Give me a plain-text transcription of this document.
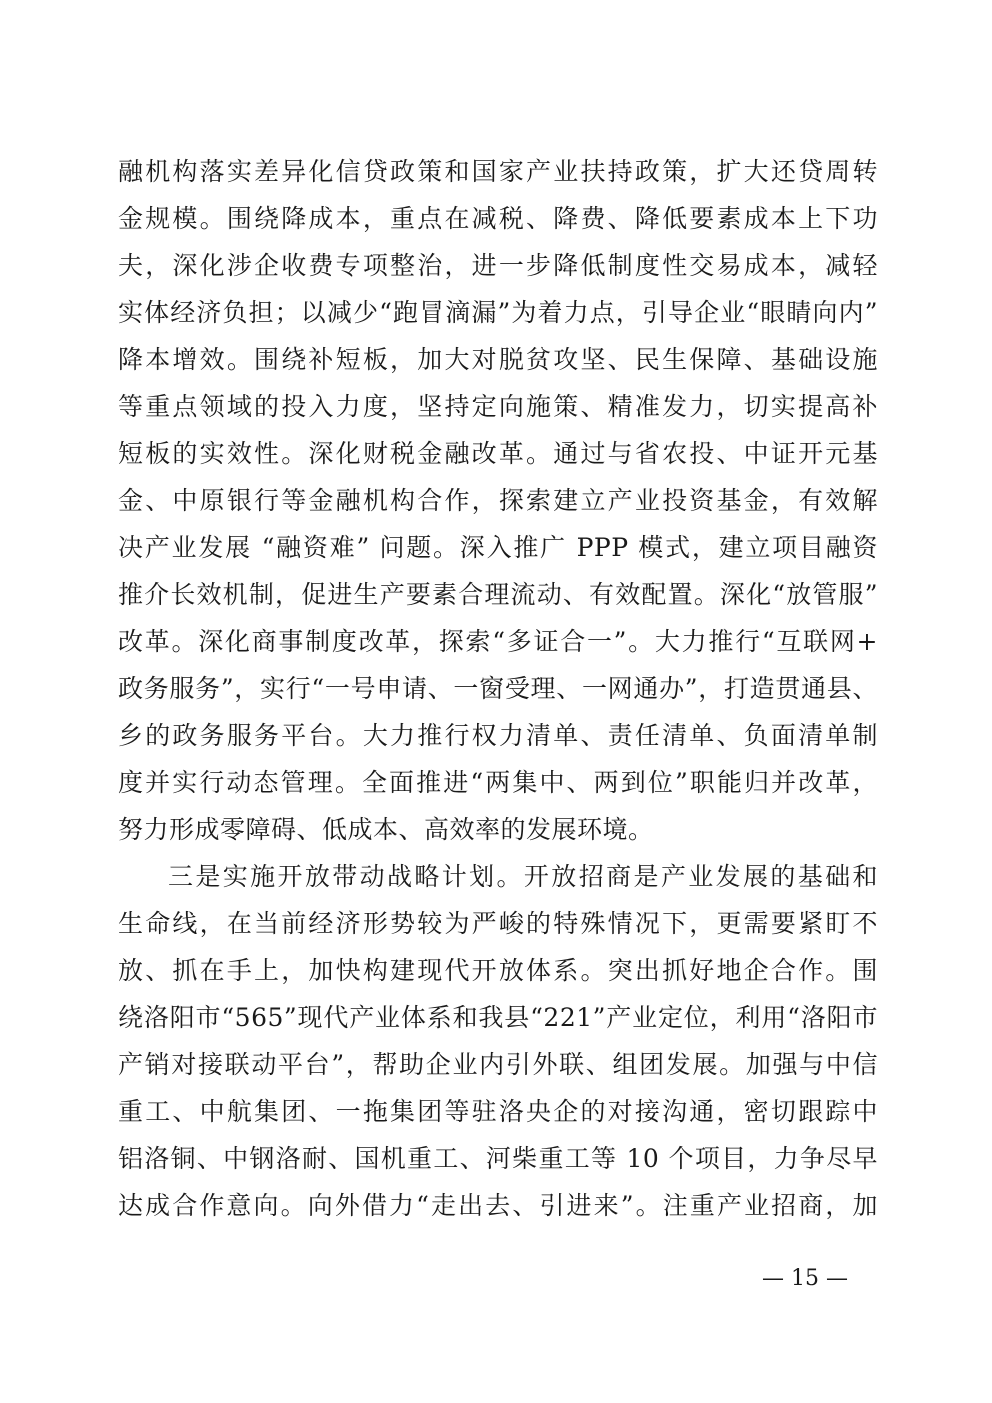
融机构落实差异化信贷政策和国家产业扶持政策，扩大还贷周转
金规模。围绕降成本，重点在减税、降费、降低要素成本上下功
夫，深化涉企收费专项整治，进一步降低制度性交易成本，减轻
实体经济负担；以减少“跑冒滴漏”为着力点，引导企业“眼睛向内”
降本增效。围绕补短板，加大对脱贫攻坚、民生保障、基础设施
等重点领域的投入力度，坚持定向施策、精准发力，切实提高补
短板的实效性。深化财税金融改革。通过与省农投、中证开元基
金、中原银行等金融机构合作，探索建立产业投资基金，有效解
决产业发展 “融资难” 问题。深入推广 PPP 模式，建立项目融资
推介长效机制，促进生产要素合理流动、有效配置。深化“放管服”
改革。深化商事制度改革，探索“多证合一”。大力推行“互联网+
政务服务”，实行“一号申请、一窗受理、一网通办”，打造贯通县、
乡的政务服务平台。大力推行权力清单、责任清单、负面清单制
度并实行动态管理。全面推进“两集中、两到位”职能归并改革，
努力形成零障碍、低成本、高效率的发展环境。
三是实施开放带动战略计划。开放招商是产业发展的基础和
生命线，在当前经济形势较为严峻的特殊情况下，更需要紧盯不
放、抓在手上，加快构建现代开放体系。突出抓好地企合作。围
绕洛阳市“565”现代产业体系和我县“221”产业定位，利用“洛阳市
产销对接联动平台”，帮助企业内引外联、组团发展。加强与中信
重工、中航集团、一拖集团等驻洛央企的对接沟通，密切跟踪中
铝洛铜、中钢洛耐、国机重工、河柴重工等 10 个项目，力争尽早
达成合作意向。向外借力“走出去、引进来”。注重产业招商，加
— 15 —
